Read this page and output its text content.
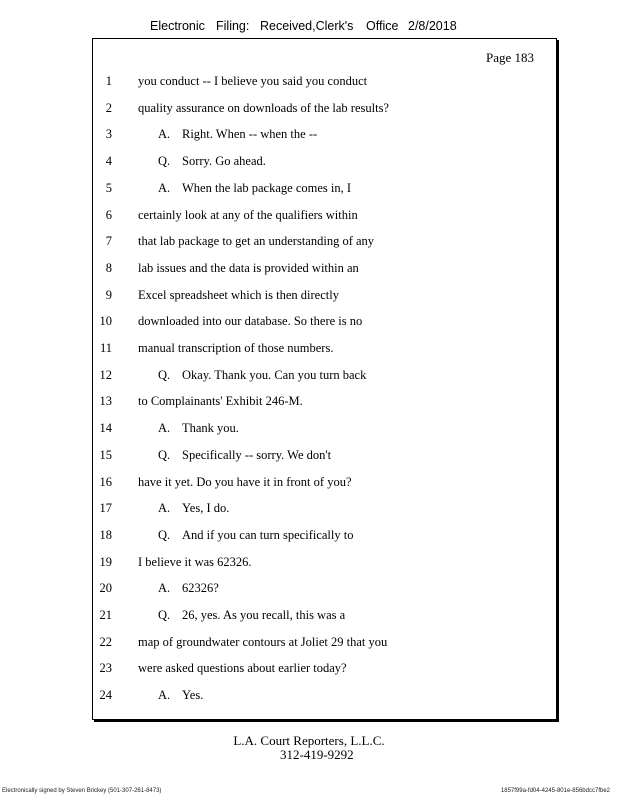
Electronic Filing: Received,Clerk's Office 2/8/2018
Page 183
1 you conduct -- I believe you said you conduct
2 quality assurance on downloads of the lab results?
3	A. Right. When -- when the --
4	Q. Sorry. Go ahead.
5	A. When the lab package comes in, I
6 certainly look at any of the qualifiers within
7 that lab package to get an understanding of any
8 lab issues and the data is provided within an
9 Excel spreadsheet which is then directly
10 downloaded into our database. So there is no
11 manual transcription of those numbers.
12	Q. Okay. Thank you. Can you turn back
13 to Complainants' Exhibit 246-M.
14	A. Thank you.
15	Q. Specifically -- sorry. We don't
16 have it yet. Do you have it in front of you?
17	A. Yes, I do.
18	Q. And if you can turn specifically to
19 I believe it was 62326.
20	A. 62326?
21	Q. 26, yes. As you recall, this was a
22 map of groundwater contours at Joliet 29 that you
23 were asked questions about earlier today?
24	A. Yes.
L.A. Court Reporters, L.L.C.
312-419-9292
Electronically signed by Steven Brickey (501-307-261-8473)	1857f99a-fd04-4245-801e-856bdcc7fbe2
